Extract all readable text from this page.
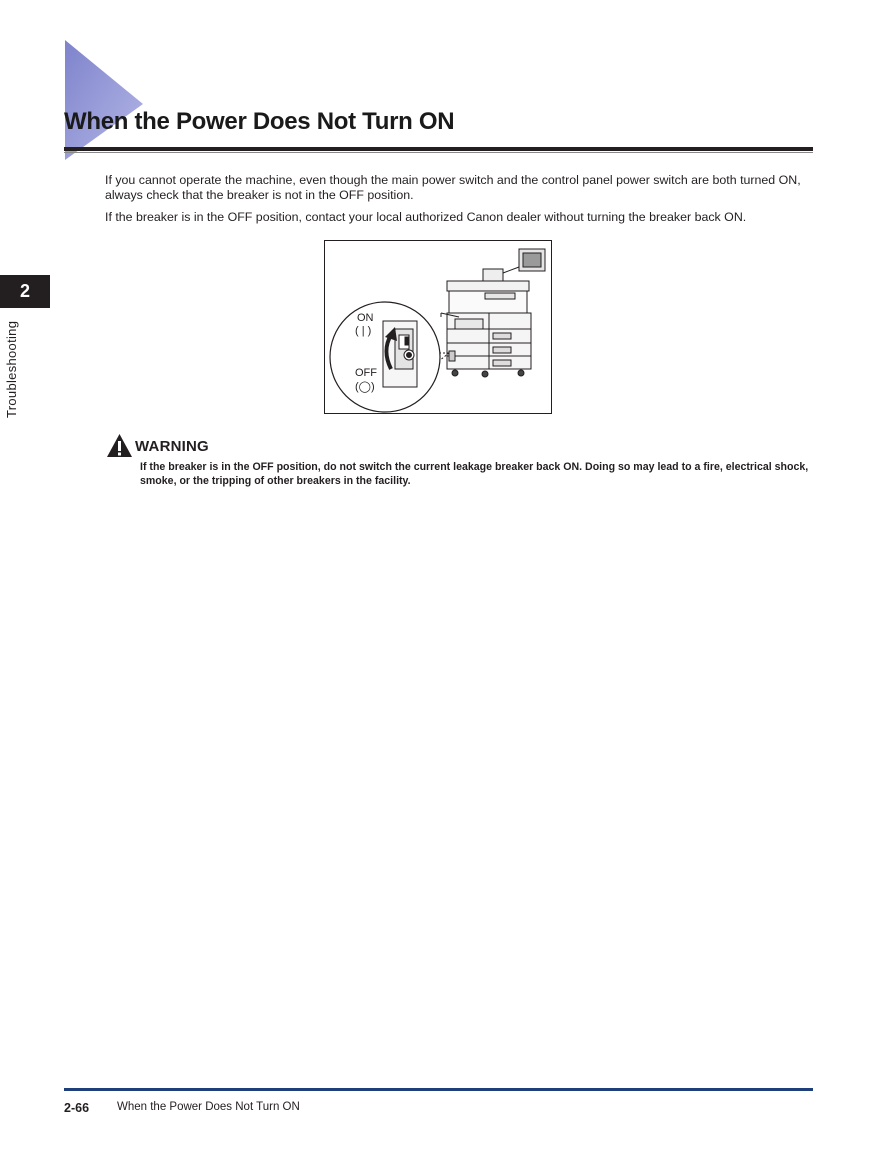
When the Power Does Not Turn ON
2
Troubleshooting

If you cannot operate the machine, even though the main power switch and the control panel power switch are both turned ON, always check that the breaker is not in the OFF position.

If the breaker is in the OFF position, contact your local authorized Canon dealer without turning the breaker back ON.

ON
( | )
OFF
(◯)
WARNING

If the breaker is in the OFF position, do not switch the current leakage breaker back ON. Doing so may lead to a fire, electrical shock, smoke, or the tripping of other breakers in the facility.

2-66 When the Power Does Not Turn ON
